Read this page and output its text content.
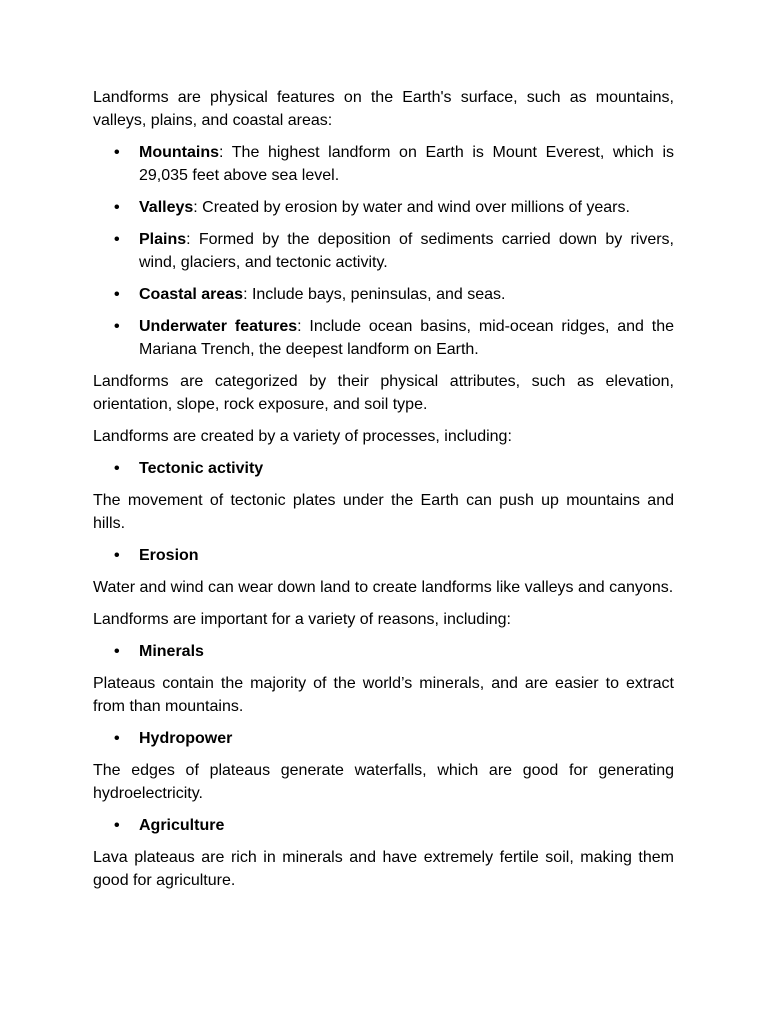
Landforms are physical features on the Earth's surface, such as mountains, valleys, plains, and coastal areas:

• Mountains: The highest landform on Earth is Mount Everest, which is 29,035 feet above sea level.
• Valleys: Created by erosion by water and wind over millions of years.
• Plains: Formed by the deposition of sediments carried down by rivers, wind, glaciers, and tectonic activity.
• Coastal areas: Include bays, peninsulas, and seas.
• Underwater features: Include ocean basins, mid-ocean ridges, and the Mariana Trench, the deepest landform on Earth.

Landforms are categorized by their physical attributes, such as elevation, orientation, slope, rock exposure, and soil type.

Landforms are created by a variety of processes, including:

• Tectonic activity

The movement of tectonic plates under the Earth can push up mountains and hills.

• Erosion

Water and wind can wear down land to create landforms like valleys and canyons.

Landforms are important for a variety of reasons, including:

• Minerals

Plateaus contain the majority of the world’s minerals, and are easier to extract from than mountains.

• Hydropower

The edges of plateaus generate waterfalls, which are good for generating hydroelectricity.

• Agriculture

Lava plateaus are rich in minerals and have extremely fertile soil, making them good for agriculture.
